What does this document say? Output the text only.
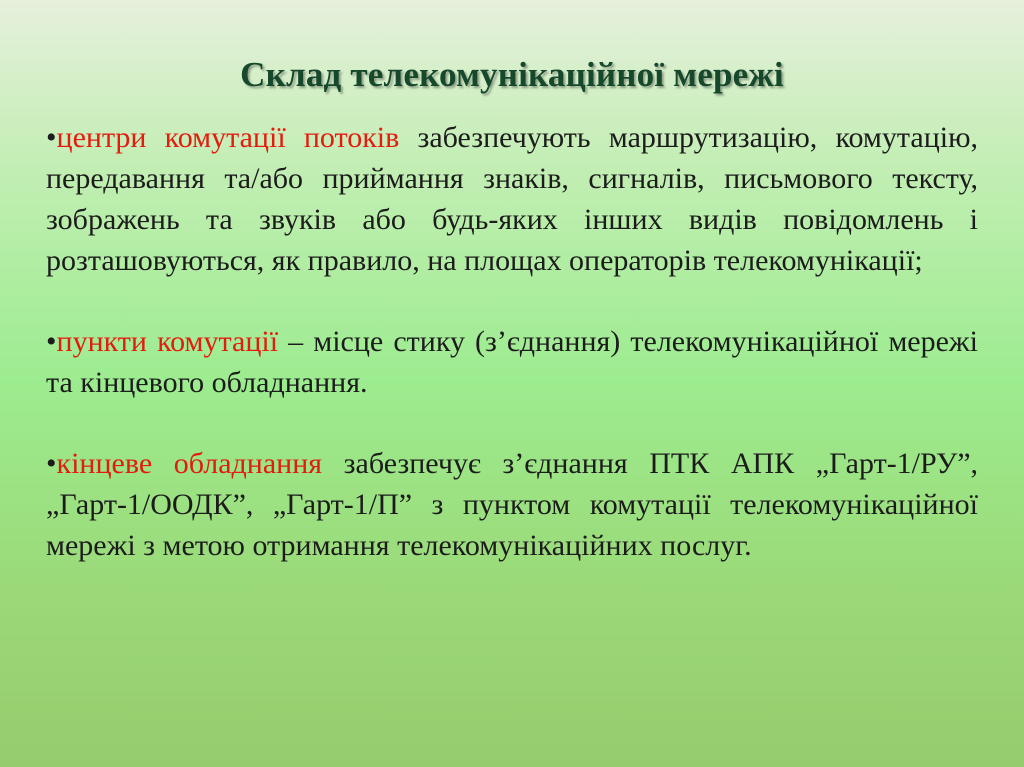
Склад телекомунікаційної мережі

•центри комутації потоків забезпечують маршрутизацію, комутацію, передавання та/або приймання знаків, сигналів, письмового тексту, зображень та звуків або будь-яких інших видів повідомлень і розташовуються, як правило, на площах операторів телекомунікації;

•пункти комутації – місце стику (з’єднання) телекомунікаційної мережі та кінцевого обладнання.

•кінцеве обладнання забезпечує з’єднання ПТК АПК „Гарт-1/РУ”, „Гарт-1/ООДК”, „Гарт-1/П” з пунктом комутації телекомунікаційної мережі з метою отримання телекомунікаційних послуг.
